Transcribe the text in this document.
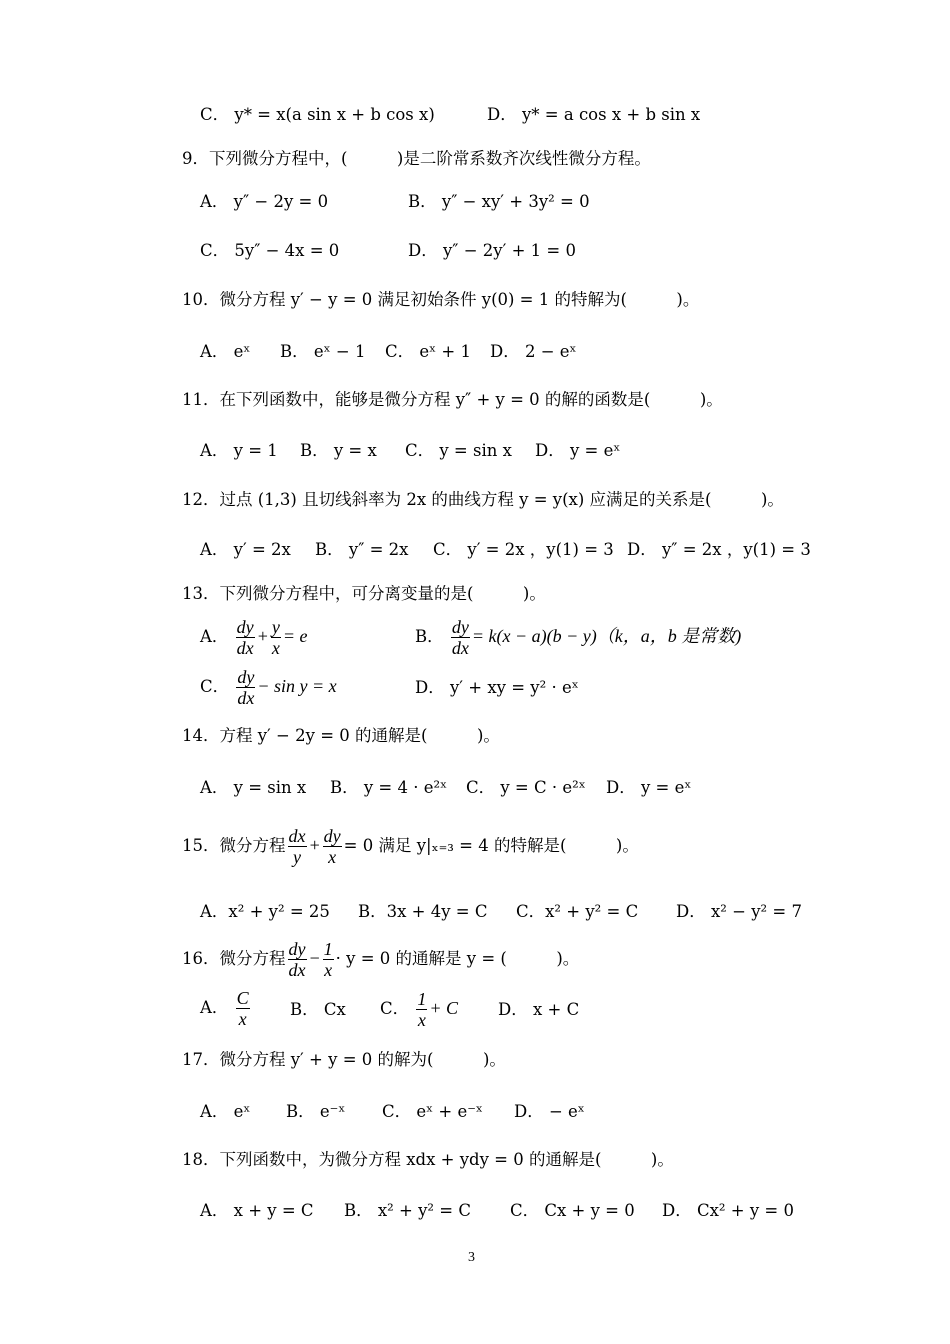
C． y* = x(a sin x + b cos x)	D． y* = a cos x + b sin x
9．下列微分方程中，(　　　)是二阶常系数齐次线性微分方程。
A． y″ − 2y = 0	B． y″ − xy′ + 3y² = 0
C． 5y″ − 4x = 0	D． y″ − 2y′ + 1 = 0
10．微分方程 y′ − y = 0 满足初始条件 y(0) = 1 的特解为(　　　)。
A． eˣ B． eˣ − 1 C． eˣ + 1 D． 2 − eˣ
11．在下列函数中，能够是微分方程 y″ + y = 0 的解的函数是(　　　)。
A． y = 1 B． y = x C． y = sin x D． y = eˣ
12．过点 (1,3) 且切线斜率为 2x 的曲线方程 y = y(x) 应满足的关系是(　　　)。
A． y′ = 2x B． y″ = 2x C． y′ = 2x ，y(1) = 3 D． y″ = 2x ，y(1) = 3
13．下列微分方程中，可分离变量的是(　　　)。
A． $\frac{dy}{dx} + \frac{y}{x} = e$	B． $\frac{dy}{dx} = k(x - a)(b - y)(k$，a，b 是常数)
C． $\frac{dy}{dx} - \sin y = x$	D． y′ + xy = y² · eˣ
14．方程 y′ − 2y = 0 的通解是(　　　)。
A． y = sin x B． y = 4 · e²ˣ C． y = C · e²ˣ D． y = eˣ
15．微分方程 $\frac{dx}{y} + \frac{dy}{x} = 0$ 满足 y|ₓ₌₃ = 4 的特解是(　　　)。
A．x² + y² = 25 B．3x + 4y = C C．x² + y² = C D． x² − y² = 7
16．微分方程 $\frac{dy}{dx} - \frac{1}{x} \cdot y = 0$ 的通解是 y = (　　　)。
A． $\frac{C}{x}$ B． Cx C． $\frac{1}{x} + C$ D． x + C
17．微分方程 y′ + y = 0 的解为(　　　)。
A． eˣ B． e⁻ˣ C． eˣ + e⁻ˣ D． − eˣ
18．下列函数中，为微分方程 xdx + ydy = 0 的通解是(　　　)。
A． x + y = C B． x² + y² = C C． Cx + y = 0 D． Cx² + y = 0
3
